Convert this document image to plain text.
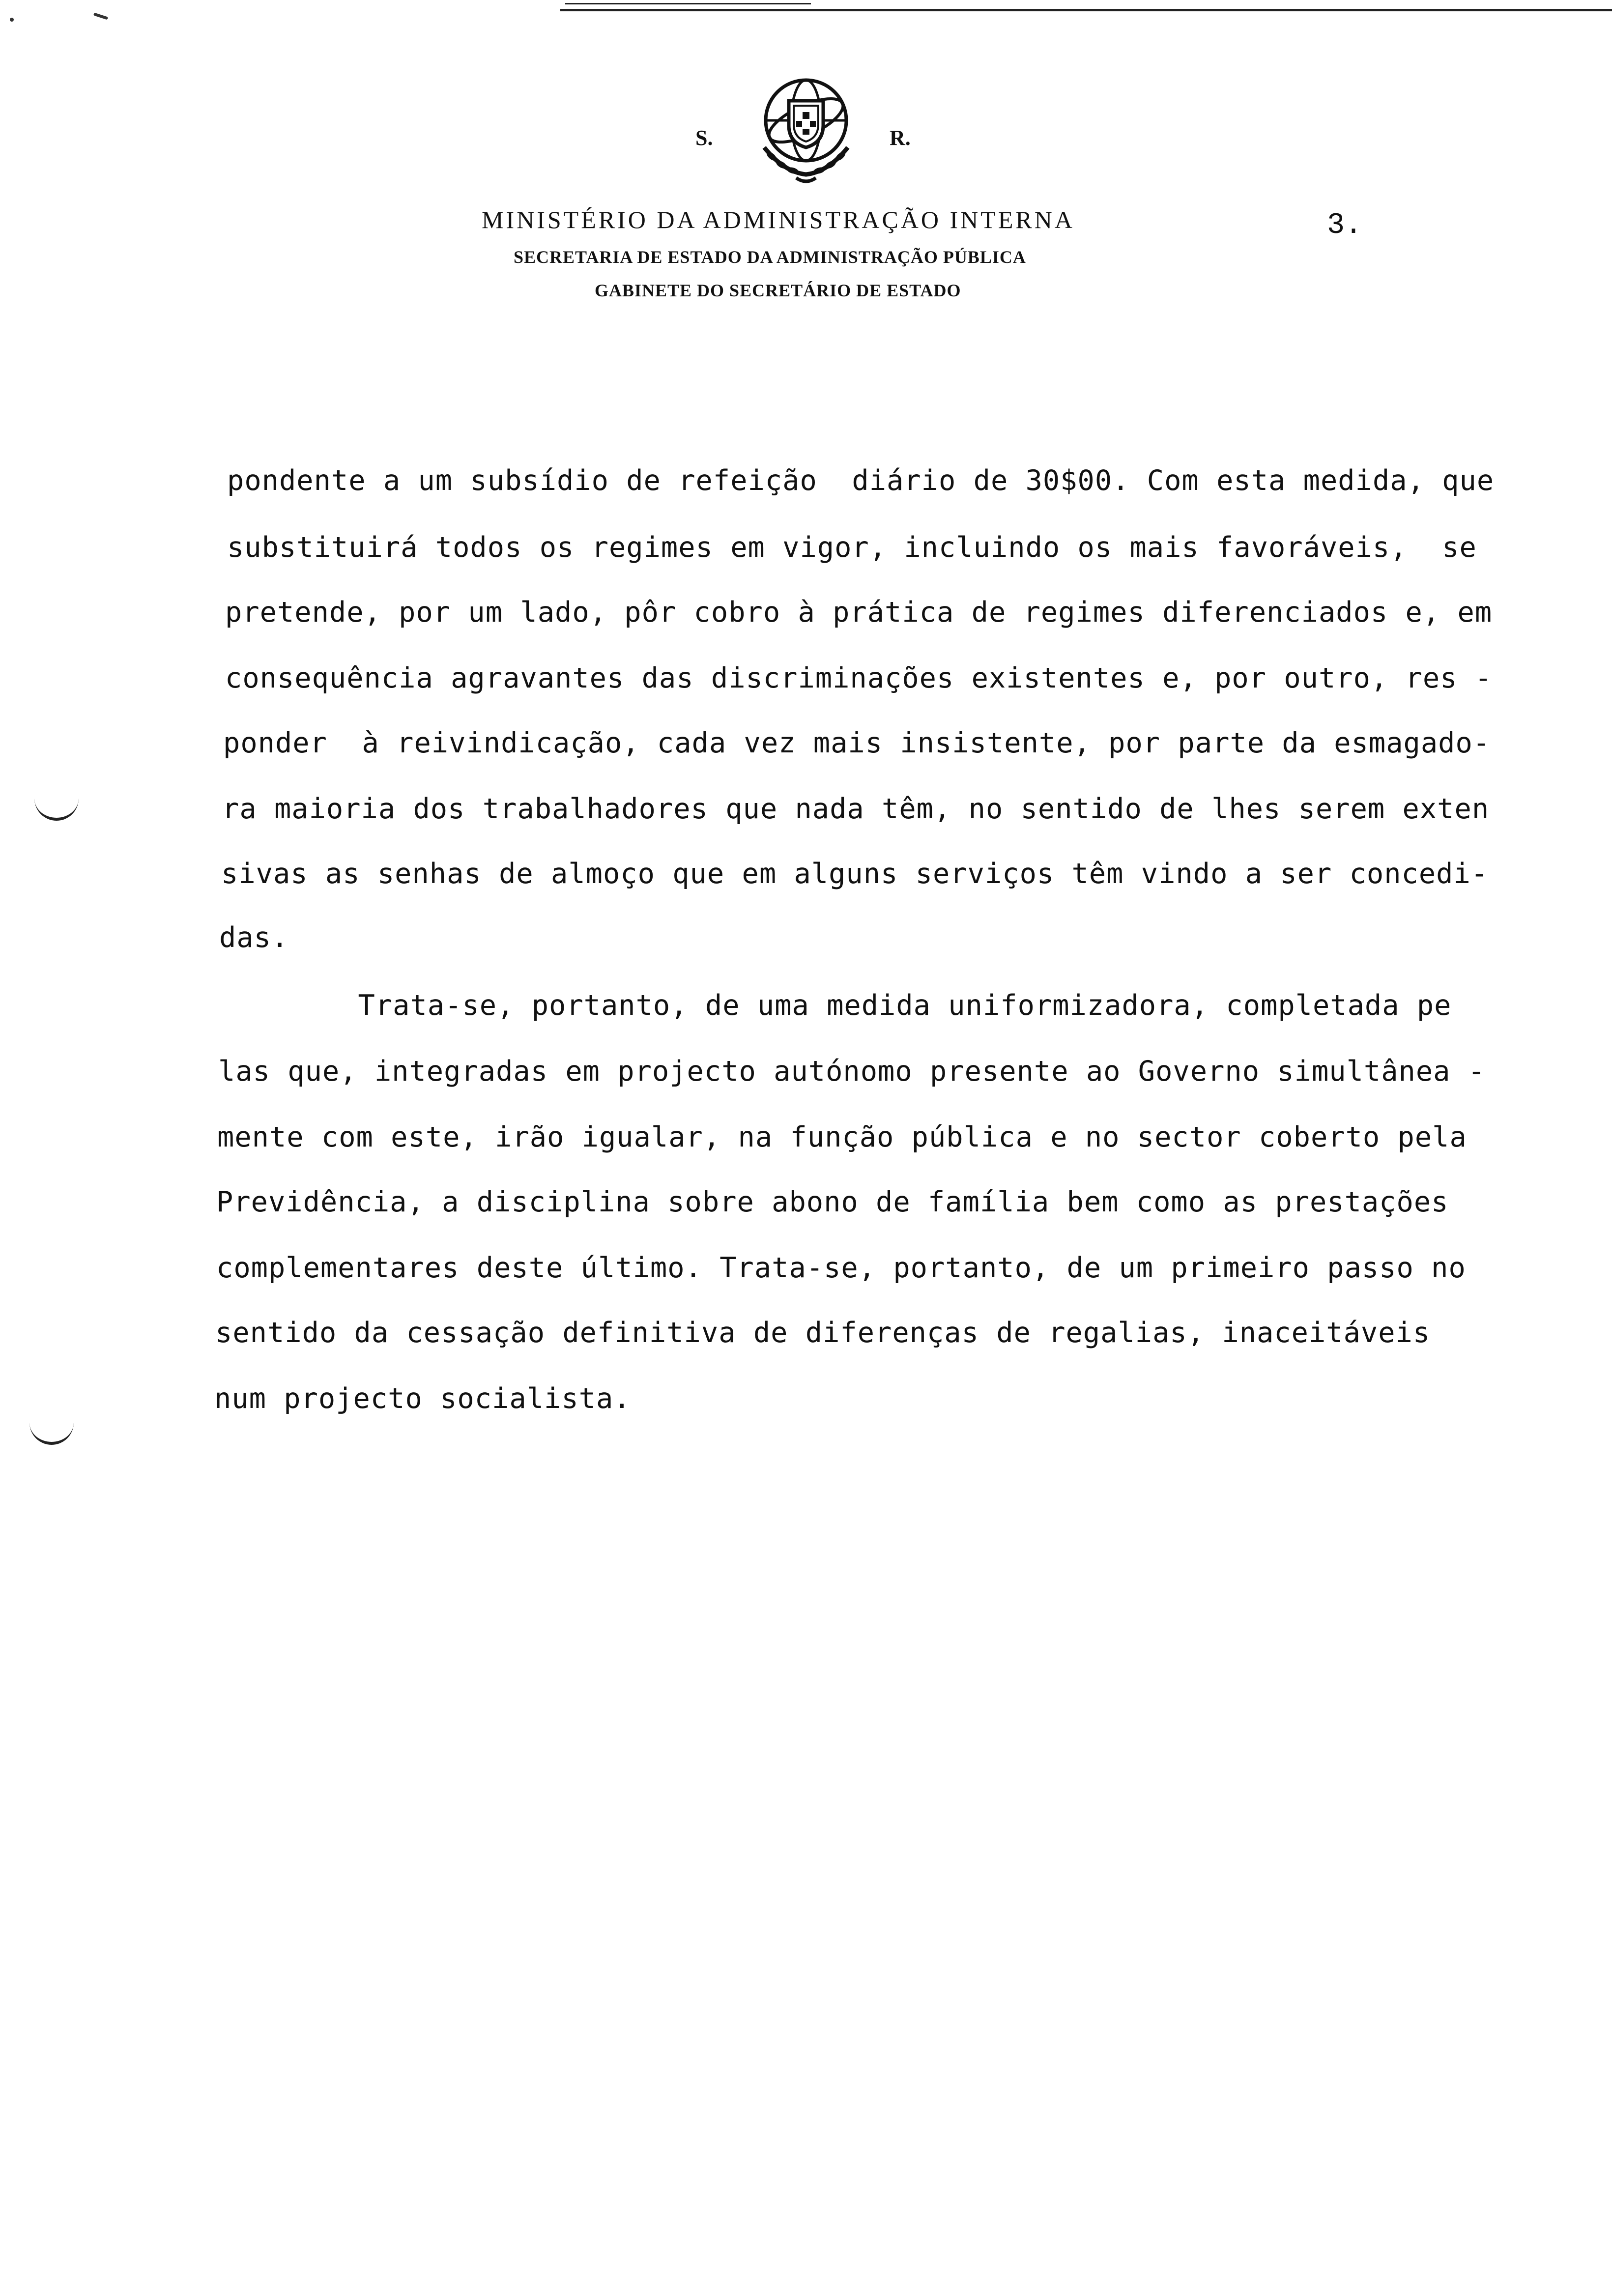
S.	R.
MINISTÉRIO DA ADMINISTRAÇÃO INTERNA
SECRETARIA DE ESTADO DA ADMINISTRAÇÃO PÚBLICA
GABINETE DO SECRETÁRIO DE ESTADO
3.

pondente a um subsídio de refeição  diário de 30$00. Com esta medida, que

substituirá todos os regimes em vigor, incluindo os mais favoráveis,  se

pretende, por um lado, pôr cobro à prática de regimes diferenciados e, em

consequência agravantes das discriminações existentes e, por outro, res -

ponder  à reivindicação, cada vez mais insistente, por parte da esmagado-

ra maioria dos trabalhadores que nada têm, no sentido de lhes serem exten

sivas as senhas de almoço que em alguns serviços têm vindo a ser concedi-

das.

Trata-se, portanto, de uma medida uniformizadora, completada pe

las que, integradas em projecto autónomo presente ao Governo simultânea -

mente com este, irão igualar, na função pública e no sector coberto pela

Previdência, a disciplina sobre abono de família bem como as prestações

complementares deste último. Trata-se, portanto, de um primeiro passo no

sentido da cessação definitiva de diferenças de regalias, inaceitáveis

num projecto socialista.
